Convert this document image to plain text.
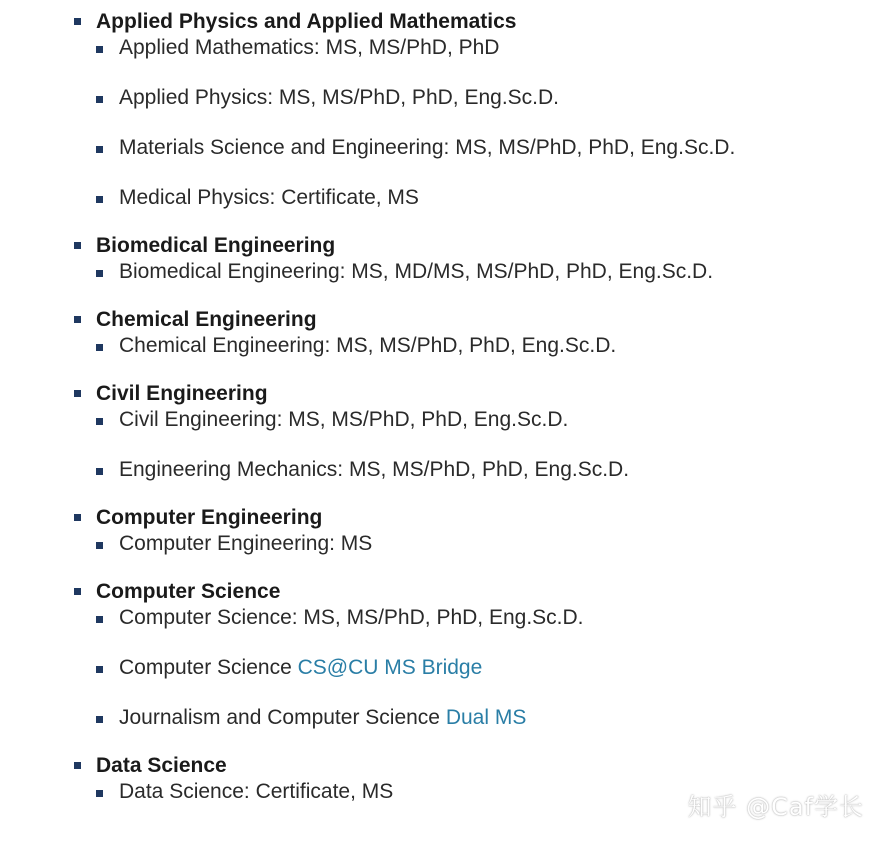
Applied Physics and Applied Mathematics
Applied Mathematics: MS, MS/PhD, PhD
Applied Physics: MS, MS/PhD, PhD, Eng.Sc.D.
Materials Science and Engineering: MS, MS/PhD, PhD, Eng.Sc.D.
Medical Physics: Certificate, MS
Biomedical Engineering
Biomedical Engineering: MS, MD/MS, MS/PhD, PhD, Eng.Sc.D.
Chemical Engineering
Chemical Engineering: MS, MS/PhD, PhD, Eng.Sc.D.
Civil Engineering
Civil Engineering: MS, MS/PhD, PhD, Eng.Sc.D.
Engineering Mechanics: MS, MS/PhD, PhD, Eng.Sc.D.
Computer Engineering
Computer Engineering: MS
Computer Science
Computer Science: MS, MS/PhD, PhD, Eng.Sc.D.
Computer Science CS@CU MS Bridge
Journalism and Computer Science Dual MS
Data Science
Data Science: Certificate, MS
知乎 @Caf学长
